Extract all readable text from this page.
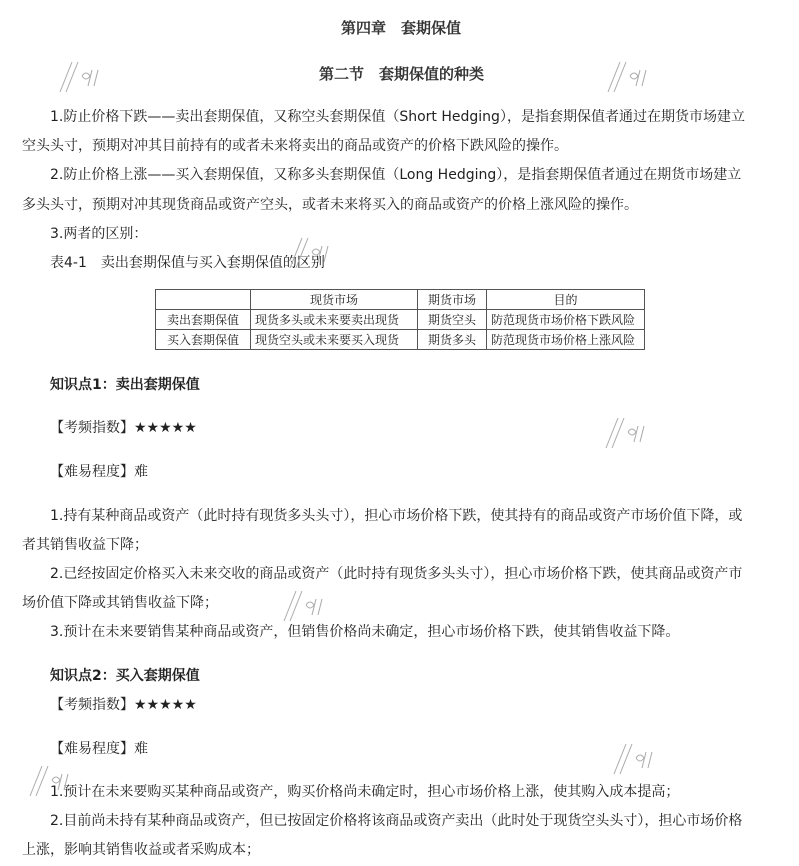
第四章　套期保值
第二节　套期保值的种类
1.防止价格下跌——卖出套期保值，又称空头套期保值（Short Hedging），是指套期保值者通过在期货市场建立
空头头寸，预期对冲其目前持有的或者未来将卖出的商品或资产的价格下跌风险的操作。
2.防止价格上涨——买入套期保值，又称多头套期保值（Long Hedging），是指套期保值者通过在期货市场建立
多头头寸，预期对冲其现货商品或资产空头，或者未来将买入的商品或资产的价格上涨风险的操作。
3.两者的区别：
表4-1　卖出套期保值与买入套期保值的区别
	现货市场	期货市场	目的
卖出套期保值	现货多头或未来要卖出现货	期货空头	防范现货市场价格下跌风险
买入套期保值	现货空头或未来要买入现货	期货多头	防范现货市场价格上涨风险
知识点1：卖出套期保值
【考频指数】★★★★★
【难易程度】难
1.持有某种商品或资产（此时持有现货多头头寸），担心市场价格下跌，使其持有的商品或资产市场价值下降，或
者其销售收益下降；
2.已经按固定价格买入未来交收的商品或资产（此时持有现货多头头寸），担心市场价格下跌，使其商品或资产市
场价值下降或其销售收益下降；
3.预计在未来要销售某种商品或资产，但销售价格尚未确定，担心市场价格下跌，使其销售收益下降。
知识点2：买入套期保值
【考频指数】★★★★★
【难易程度】难
1.预计在未来要购买某种商品或资产，购买价格尚未确定时，担心市场价格上涨，使其购入成本提高；
2.目前尚未持有某种商品或资产，但已按固定价格将该商品或资产卖出（此时处于现货空头头寸），担心市场价格
上涨，影响其销售收益或者采购成本；
